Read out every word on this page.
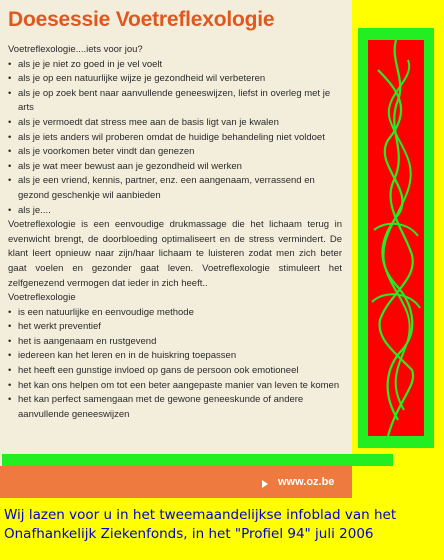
Doesessie Voetreflexologie

Voetreflexologie....iets voor jou?

• als je je niet zo goed in je vel voelt
• als je op een natuurlijke wijze je gezondheid wil verbeteren
• als je op zoek bent naar aanvullende geneeswijzen, liefst in overleg met je arts
• als je vermoedt dat stress mee aan de basis ligt van je kwalen
• als je iets anders wil proberen omdat de huidige behandeling niet voldoet
• als je voorkomen beter vindt dan genezen
• als je wat meer bewust aan je gezondheid wil werken
• als je een vriend, kennis, partner, enz. een aangenaam, verrassend en gezond geschenkje wil aanbieden
• als je....

Voetreflexologie is een eenvoudige drukmassage die het lichaam terug in evenwicht brengt, de doorbloeding optimaliseert en de stress vermindert. De klant leert opnieuw naar zijn/haar lichaam te luisteren zodat men zich beter gaat voelen en gezonder gaat leven. Voetreflexologie stimuleert het zelfgenezend vermogen dat ieder in zich heeft..

Voetreflexologie

• is een natuurlijke en eenvoudige methode
• het werkt preventief
• het is aangenaam en rustgevend
• iedereen kan het leren en in de huiskring toepassen
• het heeft een gunstige invloed op gans de persoon ook emotioneel
• het kan ons helpen om tot een beter aangepaste manier van leven te komen
• het kan perfect samengaan met de gewone geneeskunde of andere aanvullende geneeswijzen
www.oz.be

Wij lazen voor u in het tweemaandelijkse infoblad van het
Onafhankelijk Ziekenfonds, in het "Profiel 94" juli 2006
